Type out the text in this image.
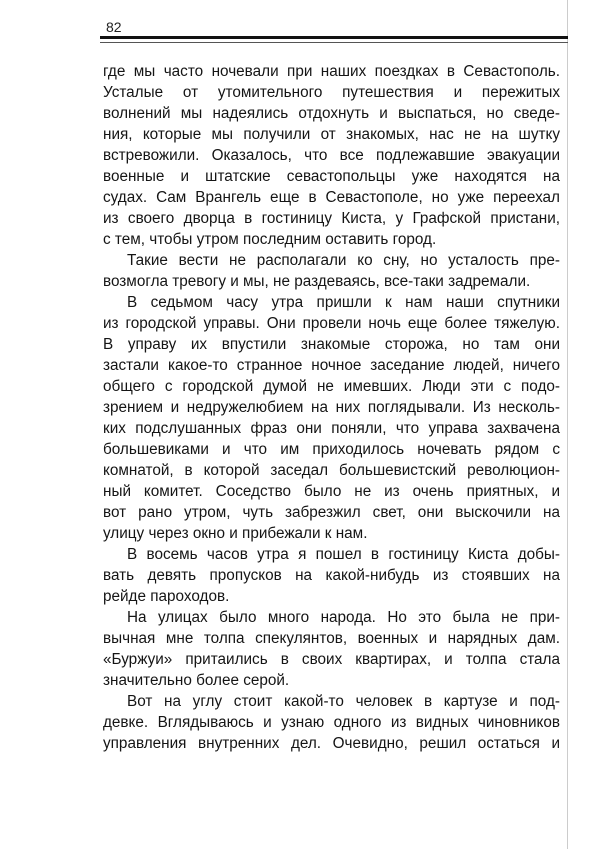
82
где мы часто ночевали при наших поездках в Севастополь.
Усталые от утомительного путешествия и пережитых
волнений мы надеялись отдохнуть и выспаться, но сведе-
ния, которые мы получили от знакомых, нас не на шутку
встревожили. Оказалось, что все подлежавшие эвакуации
военные и штатские севастопольцы уже находятся на
судах. Сам Врангель еще в Севастополе, но уже переехал
из своего дворца в гостиницу Киста, у Графской пристани,
с тем, чтобы утром последним оставить город.
Такие вести не располагали ко сну, но усталость пре-
возмогла тревогу и мы, не раздеваясь, все-таки задремали.
В седьмом часу утра пришли к нам наши спутники
из городской управы. Они провели ночь еще более тяжелую.
В управу их впустили знакомые сторожа, но там они
застали какое-то странное ночное заседание людей, ничего
общего с городской думой не имевших. Люди эти с подо-
зрением и недружелюбием на них поглядывали. Из несколь-
ких подслушанных фраз они поняли, что управа захвачена
большевиками и что им приходилось ночевать рядом с
комнатой, в которой заседал большевистский революцион-
ный комитет. Соседство было не из очень приятных, и
вот рано утром, чуть забрезжил свет, они выскочили на
улицу через окно и прибежали к нам.
В восемь часов утра я пошел в гостиницу Киста добы-
вать девять пропусков на какой-нибудь из стоявших на
рейде пароходов.
На улицах было много народа. Но это была не при-
вычная мне толпа спекулянтов, военных и нарядных дам.
«Буржуи» притаились в своих квартирах, и толпа стала
значительно более серой.
Вот на углу стоит какой-то человек в картузе и под-
девке. Вглядываюсь и узнаю одного из видных чиновников
управления внутренних дел. Очевидно, решил остаться и
